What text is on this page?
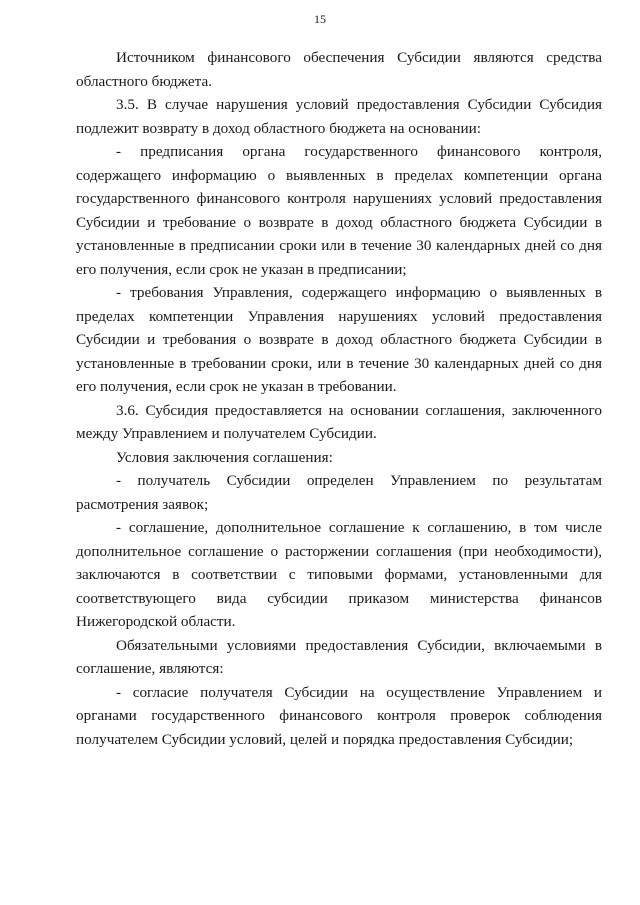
15

Источником финансового обеспечения Субсидии являются средства областного бюджета.

3.5. В случае нарушения условий предоставления Субсидии Субсидия подлежит возврату в доход областного бюджета на основании:

- предписания органа государственного финансового контроля, содержащего информацию о выявленных в пределах компетенции органа государственного финансового контроля нарушениях условий предоставления Субсидии и требование о возврате в доход областного бюджета Субсидии в установленные в предписании сроки или в течение 30 календарных дней со дня его получения, если срок не указан в предписании;

- требования Управления, содержащего информацию о выявленных в пределах компетенции Управления нарушениях условий предоставления Субсидии и требования о возврате в доход областного бюджета Субсидии в установленные в требовании сроки, или в течение 30 календарных дней со дня его получения, если срок не указан в требовании.

3.6. Субсидия предоставляется на основании соглашения, заключенного между Управлением и получателем Субсидии.

Условия заключения соглашения:

- получатель Субсидии определен Управлением по результатам расмотрения заявок;

- соглашение, дополнительное соглашение к соглашению, в том числе дополнительное соглашение о расторжении соглашения (при необходимости), заключаются в соответствии с типовыми формами, установленными для соответствующего вида субсидии приказом министерства финансов Нижегородской области.

Обязательными условиями предоставления Субсидии, включаемыми в соглашение, являются:

- согласие получателя Субсидии на осуществление Управлением и органами государственного финансового контроля проверок соблюдения получателем Субсидии условий, целей и порядка предоставления Субсидии;
